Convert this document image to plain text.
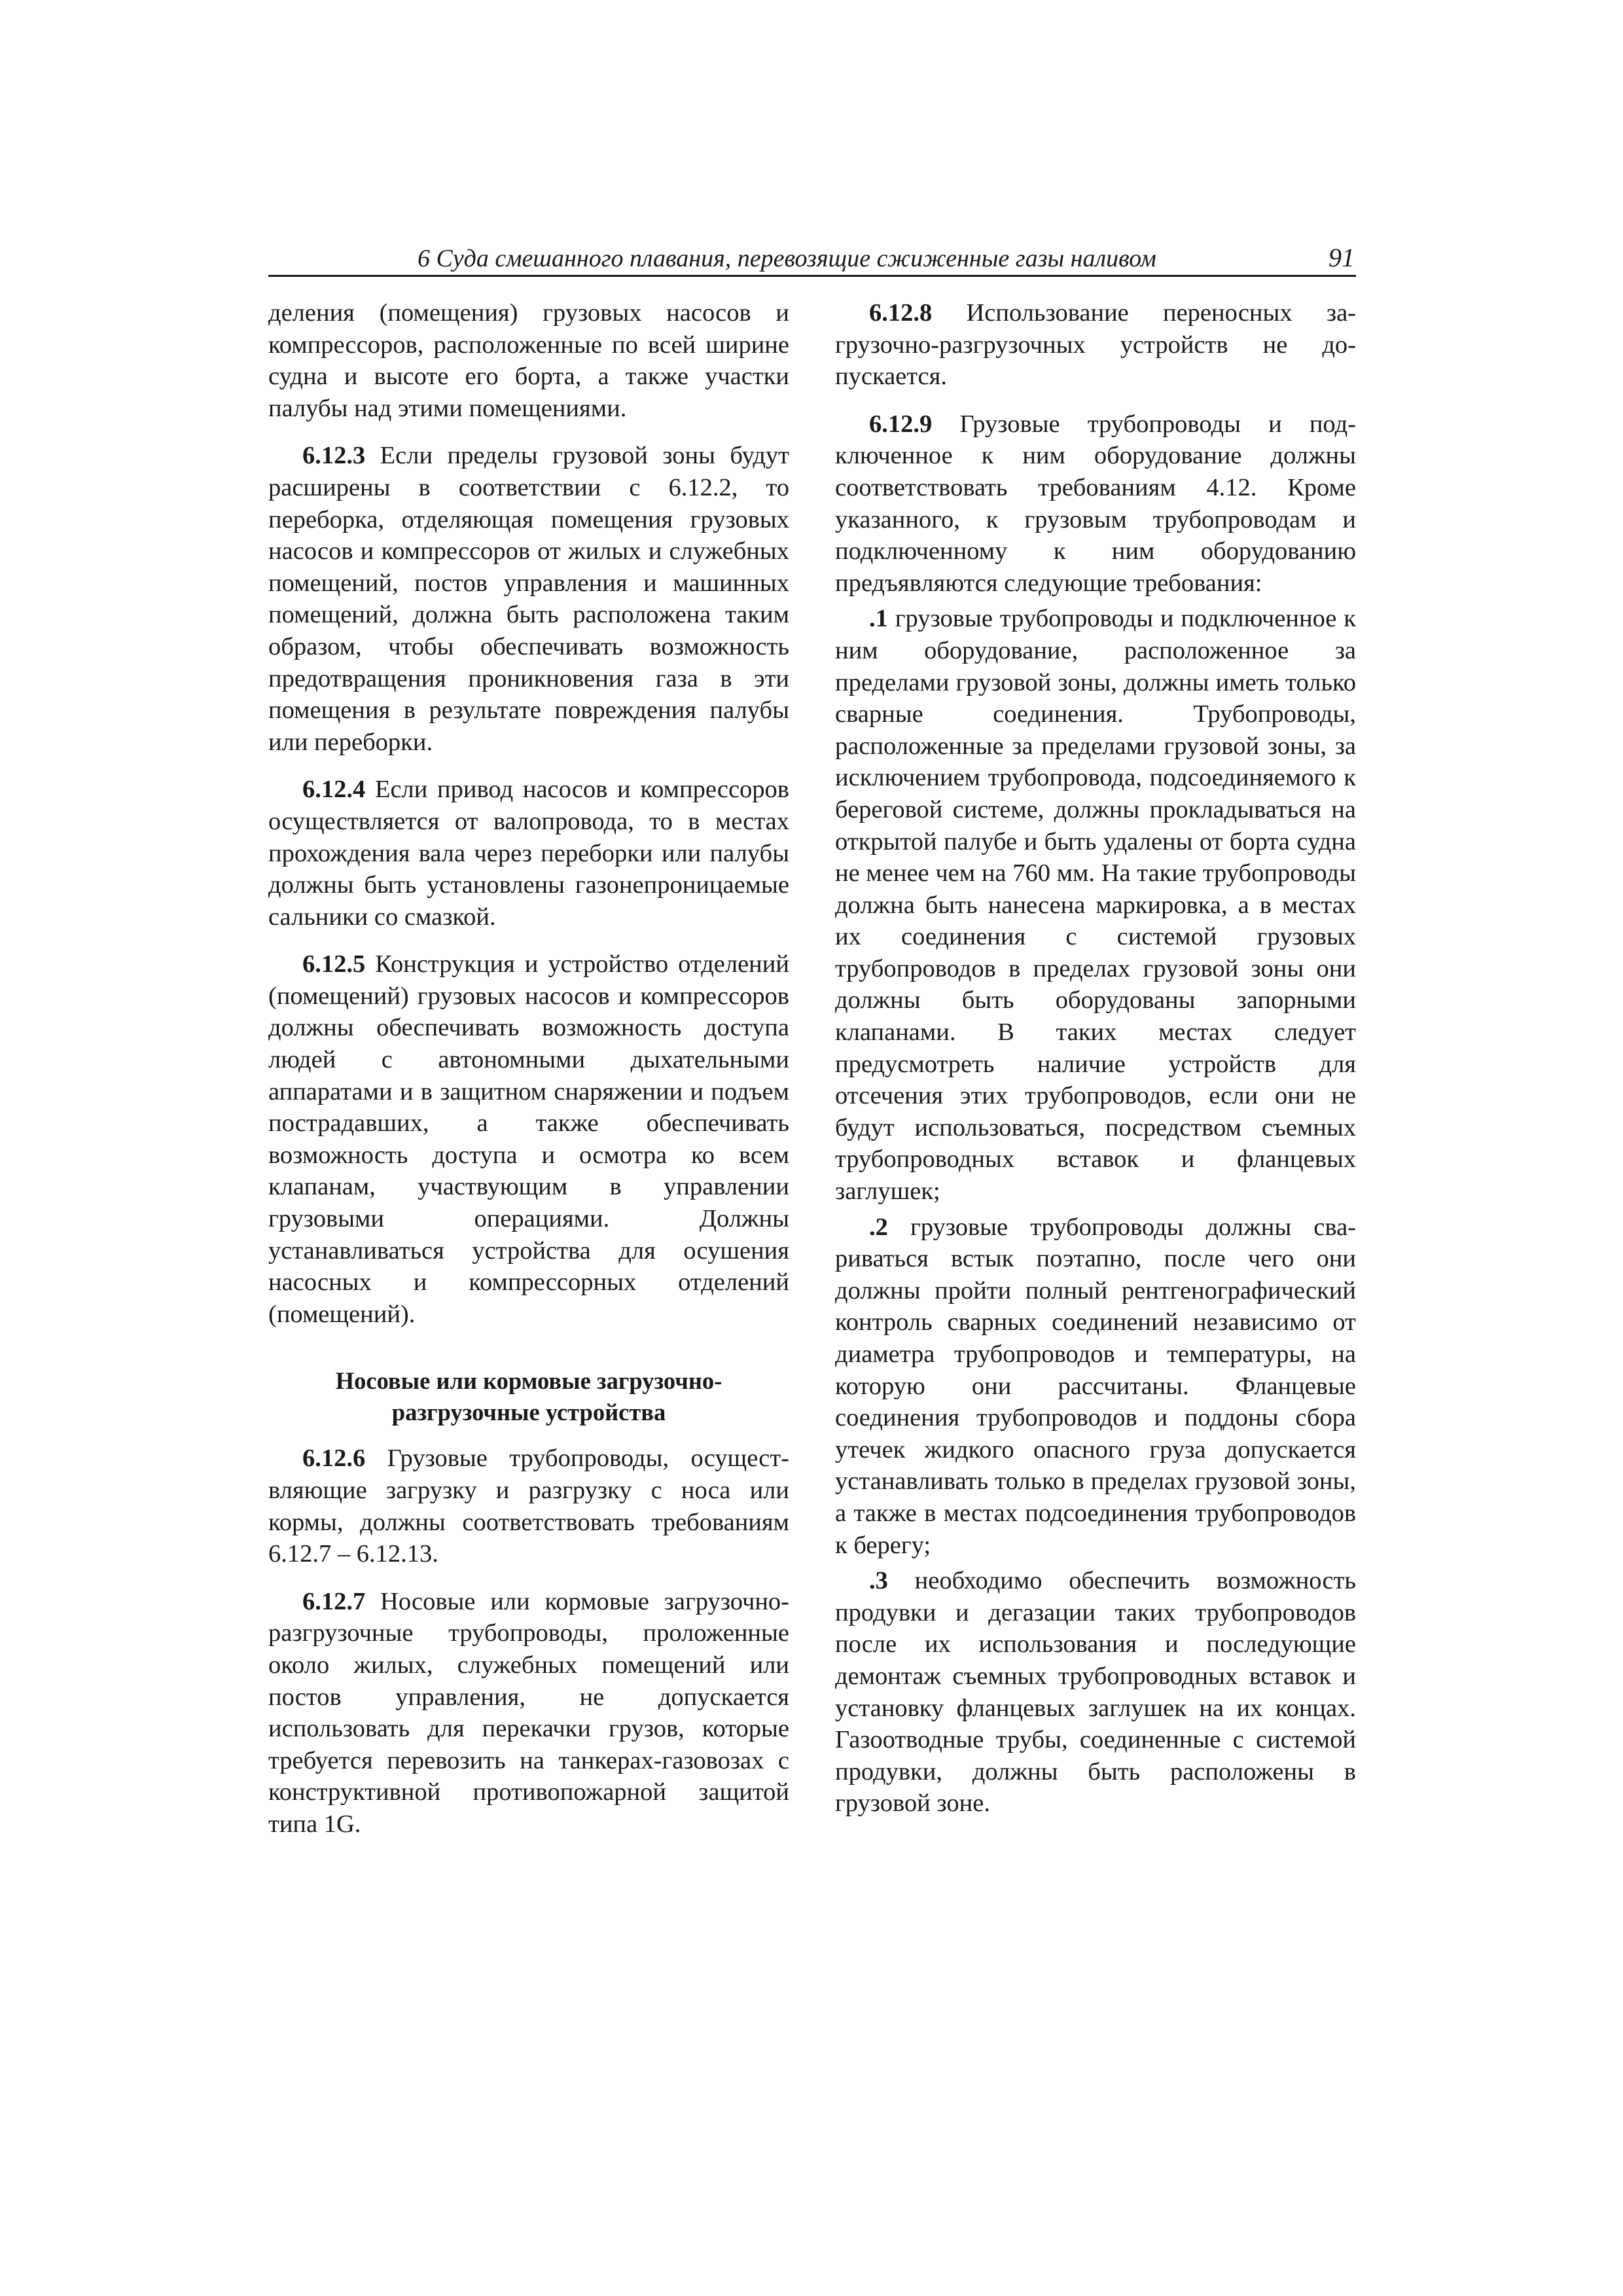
6 Суда смешанного плавания, перевозящие сжиженные газы наливом	91

деления (помещения) грузовых насосов и компрессоров, расположенные по всей ширине судна и высоте его борта, а также участки палубы над этими помещениями.

6.12.3 Если пределы грузовой зоны будут расширены в соответствии с 6.12.2, то переборка, отделяющая помещения грузовых насосов и компрессоров от жилых и служебных помещений, постов управления и машинных помещений, должна быть расположена таким образом, чтобы обеспечивать возможность предотвращения проникновения газа в эти помещения в результате повреждения палубы или переборки.

6.12.4 Если привод насосов и компрессоров осуществляется от валопровода, то в местах прохождения вала через переборки или палубы должны быть установлены газонепроницаемые сальники со смазкой.

6.12.5 Конструкция и устройство отделений (помещений) грузовых насосов и компрессоров должны обеспечивать возможность доступа людей с автономными дыхательными аппаратами и в защитном снаряжении и подъем пострадавших, а также обеспечивать возможность доступа и осмотра ко всем клапанам, участвующим в управлении грузовыми операциями. Должны устанавливаться устройства для осушения насосных и компрессорных отделений (помещений).

Носовые или кормовые загрузочно-
разгрузочные устройства

6.12.6 Грузовые трубопроводы, осуществляющие загрузку и разгрузку с носа или кормы, должны соответствовать требованиям 6.12.7 – 6.12.13.

6.12.7 Носовые или кормовые загрузочно-разгрузочные трубопроводы, проложенные около жилых, служебных помещений или постов управления, не допускается использовать для перекачки грузов, которые требуется перевозить на танкерах-газовозах с конструктивной противопожарной защитой типа 1G.

6.12.8 Использование переносных загрузочно-разгрузочных устройств не допускается.

6.12.9 Грузовые трубопроводы и подключенное к ним оборудование должны соответствовать требованиям 4.12. Кроме указанного, к грузовым трубопроводам и подключенному к ним оборудованию предъявляются следующие требования:

.1 грузовые трубопроводы и подключенное к ним оборудование, расположенное за пределами грузовой зоны, должны иметь только сварные соединения. Трубопроводы, расположенные за пределами грузовой зоны, за исключением трубопровода, подсоединяемого к береговой системе, должны прокладываться на открытой палубе и быть удалены от борта судна не менее чем на 760 мм. На такие трубопроводы должна быть нанесена маркировка, а в местах их соединения с системой грузовых трубопроводов в пределах грузовой зоны они должны быть оборудованы запорными клапанами. В таких местах следует предусмотреть наличие устройств для отсечения этих трубопроводов, если они не будут использоваться, посредством съемных трубопроводных вставок и фланцевых заглушек;

.2 грузовые трубопроводы должны свариваться встык поэтапно, после чего они должны пройти полный рентгенографический контроль сварных соединений независимо от диаметра трубопроводов и температуры, на которую они рассчитаны. Фланцевые соединения трубопроводов и поддоны сбора утечек жидкого опасного груза допускается устанавливать только в пределах грузовой зоны, а также в местах подсоединения трубопроводов к берегу;

.3 необходимо обеспечить возможность продувки и дегазации таких трубопроводов после их использования и последующие демонтаж съемных трубопроводных вставок и установку фланцевых заглушек на их концах. Газоотводные трубы, соединенные с системой продувки, должны быть расположены в грузовой зоне.
